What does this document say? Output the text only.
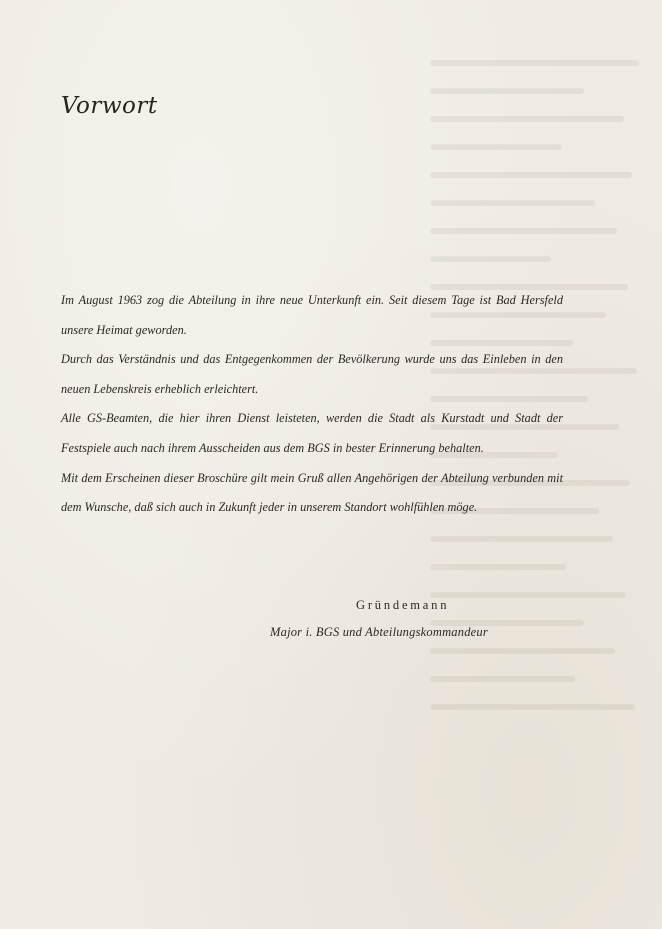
Vorwort

Im August 1963 zog die Abteilung in ihre neue Unterkunft ein. Seit diesem Tage ist Bad Hersfeld unsere Heimat geworden.

Durch das Verständnis und das Entgegenkommen der Bevölkerung wurde uns das Einleben in den neuen Lebenskreis erheblich erleichtert.

Alle GS-Beamten, die hier ihren Dienst leisteten, werden die Stadt als Kurstadt und Stadt der Festspiele auch nach ihrem Ausscheiden aus dem BGS in bester Erinnerung behalten.

Mit dem Erscheinen dieser Broschüre gilt mein Gruß allen Angehörigen der Abteilung verbunden mit dem Wunsche, daß sich auch in Zukunft jeder in unserem Standort wohlfühlen möge.

Gründemann

Major i. BGS und Abteilungskommandeur
